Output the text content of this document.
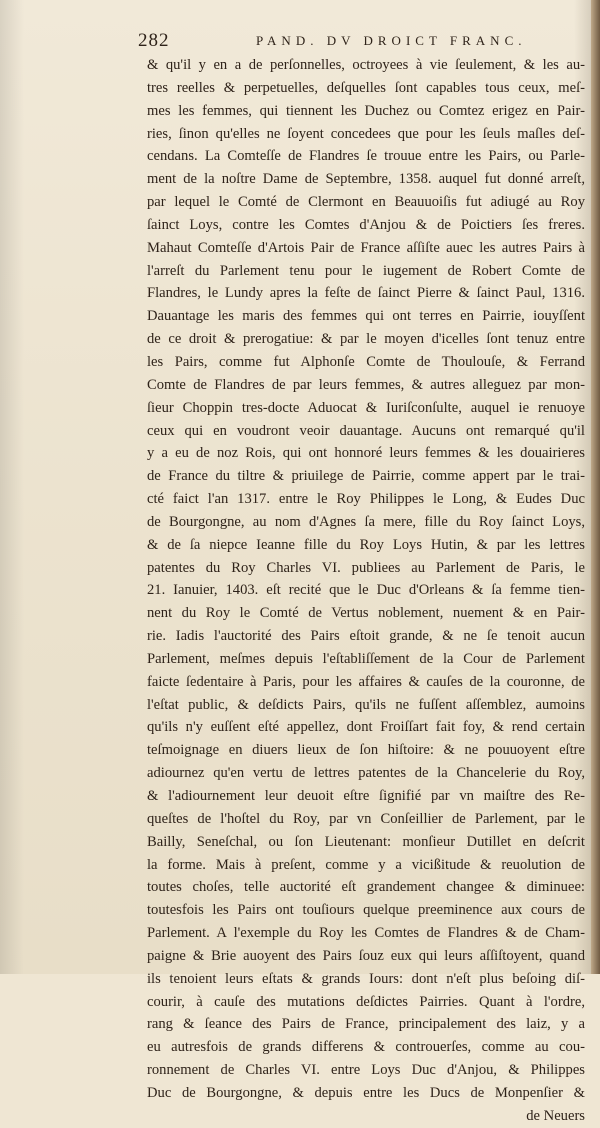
282	PAND. DV DROICT FRANC.
& qu'il y en a de perſonnelles, octroyees à vie ſeulement, & les au-
tres reelles & perpetuelles, deſquelles ſont capables tous ceux, meſ-
mes les femmes, qui tiennent les Duchez ou Comtez erigez en Pair-
ries, ſinon qu'elles ne ſoyent concedees que pour les ſeuls maſles deſ-
cendans. La Comteſſe de Flandres ſe trouue entre les Pairs, ou Parle-
ment de la noſtre Dame de Septembre, 1358. auquel fut donné arreſt,
par lequel le Comté de Clermont en Beauuoiſis fut adiugé au Roy
ſainct Loys, contre les Comtes d'Anjou & de Poictiers ſes freres.
Mahaut Comteſſe d'Artois Pair de France aſſiſte auec les autres Pairs à
l'arreſt du Parlement tenu pour le iugement de Robert Comte de
Flandres, le Lundy apres la feſte de ſainct Pierre & ſainct Paul, 1316.
Dauantage les maris des femmes qui ont terres en Pairrie, iouyſſent
de ce droit & prerogatiue: & par le moyen d'icelles ſont tenuz entre
les Pairs, comme fut Alphonſe Comte de Thoulouſe, & Ferrand
Comte de Flandres de par leurs femmes, & autres alleguez par mon-
ſieur Choppin tres-docte Aduocat & Iuriſconſulte, auquel ie renuoye
ceux qui en voudront veoir dauantage. Aucuns ont remarqué qu'il
y a eu de noz Rois, qui ont honnoré leurs femmes & les douairieres
de France du tiltre & priuilege de Pairrie, comme appert par le trai-
cté faict l'an 1317. entre le Roy Philippes le Long, & Eudes Duc
de Bourgongne, au nom d'Agnes ſa mere, fille du Roy ſainct Loys,
& de ſa niepce Ieanne fille du Roy Loys Hutin, & par les lettres
patentes du Roy Charles VI. publiees au Parlement de Paris, le
21. Ianuier, 1403. eſt recité que le Duc d'Orleans & ſa femme tien-
nent du Roy le Comté de Vertus noblement, nuement & en Pair-
rie. Iadis l'auctorité des Pairs eſtoit grande, & ne ſe tenoit aucun
Parlement, meſmes depuis l'eſtabliſſement de la Cour de Parlement
faicte ſedentaire à Paris, pour les affaires & cauſes de la couronne, de
l'eſtat public, & deſdicts Pairs, qu'ils ne fuſſent aſſemblez, aumoins
qu'ils n'y euſſent eſté appellez, dont Froiſſart fait foy, & rend certain
teſmoignage en diuers lieux de ſon hiſtoire: & ne pouuoyent eſtre
adiournez qu'en vertu de lettres patentes de la Chancelerie du Roy,
& l'adiournement leur deuoit eſtre ſignifié par vn maiſtre des Re-
queſtes de l'hoſtel du Roy, par vn Conſeillier de Parlement, par le
Bailly, Seneſchal, ou ſon Lieutenant: monſieur Dutillet en deſcrit
la forme. Mais à preſent, comme y a vicißitude & reuolution de
toutes choſes, telle auctorité eſt grandement changee & diminuee:
toutesfois les Pairs ont touſiours quelque preeminence aux cours de
Parlement. A l'exemple du Roy les Comtes de Flandres & de Cham-
paigne & Brie auoyent des Pairs ſouz eux qui leurs aſſiſtoyent, quand
ils tenoient leurs eſtats & grands Iours: dont n'eſt plus beſoing diſ-
courir, à cauſe des mutations deſdictes Pairries. Quant à l'ordre,
rang & ſeance des Pairs de France, principalement des laiz, y a
eu autresfois de grands differens & controuerſes, comme au cou-
ronnement de Charles VI. entre Loys Duc d'Anjou, & Philippes
Duc de Bourgongne, & depuis entre les Ducs de Monpenſier &
de Neuers
